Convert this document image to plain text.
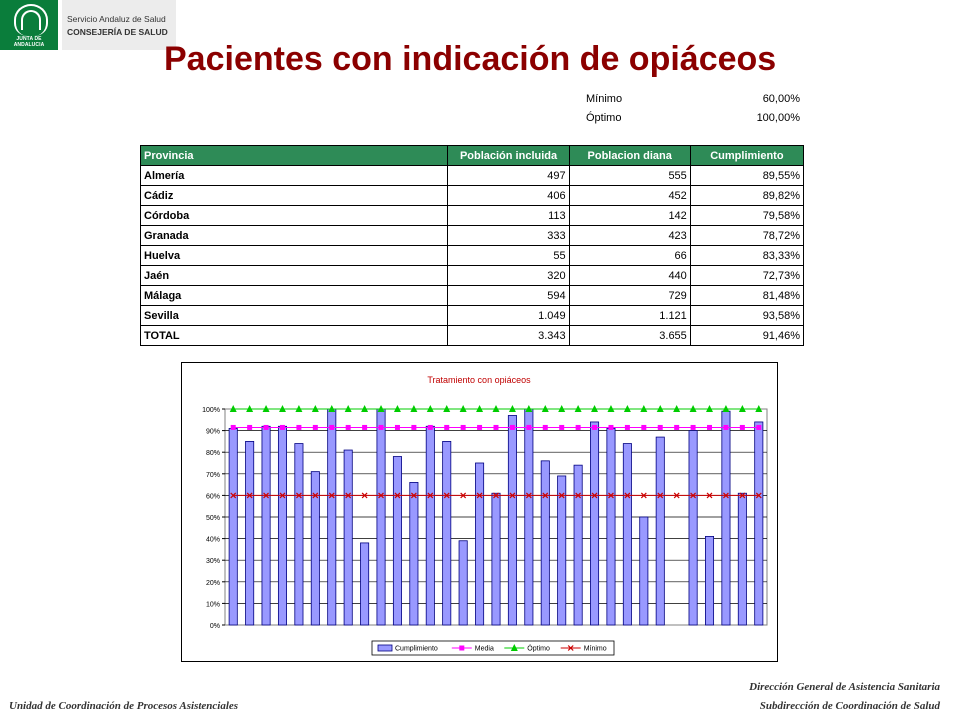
JUNTA DE ANDALUCIA
Servicio Andaluz de Salud
CONSEJERÍA DE SALUD
Pacientes con indicación de opiáceos
Mínimo	60,00%
Óptimo	100,00%
Provincia	Población incluida	Poblacion diana	Cumplimiento
Almería	497	555	89,55%
Cádiz	406	452	89,82%
Córdoba	113	142	79,58%
Granada	333	423	78,72%
Huelva	55	66	83,33%
Jaén	320	440	72,73%
Málaga	594	729	81,48%
Sevilla	1.049	1.121	93,58%
TOTAL	3.343	3.655	91,46%
Tratamiento con opiáceos
0%
10%
20%
30%
40%
50%
60%
70%
80%
90%
100%
Cumplimiento	Media	Óptimo	Mínimo
Dirección General de Asistencia Sanitaria
Unidad de Coordinación de Procesos Asistenciales	Subdirección de Coordinación de Salud
